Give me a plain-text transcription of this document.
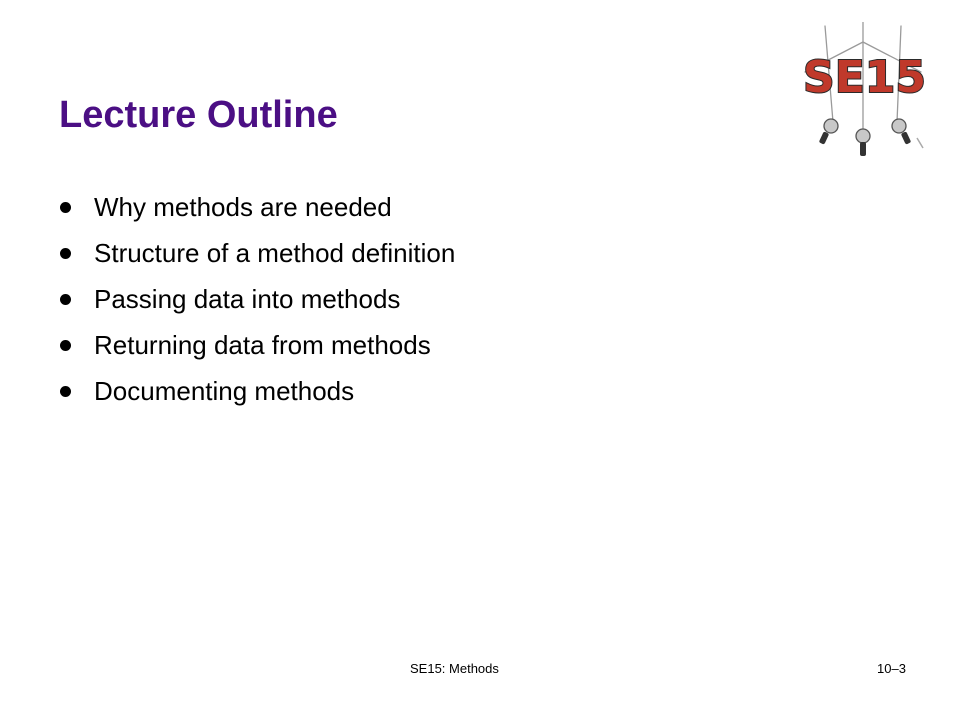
Lecture Outline
SE15
Why methods are needed
Structure of a method definition
Passing data into methods
Returning data from methods
Documenting methods
SE15: Methods	10–3
